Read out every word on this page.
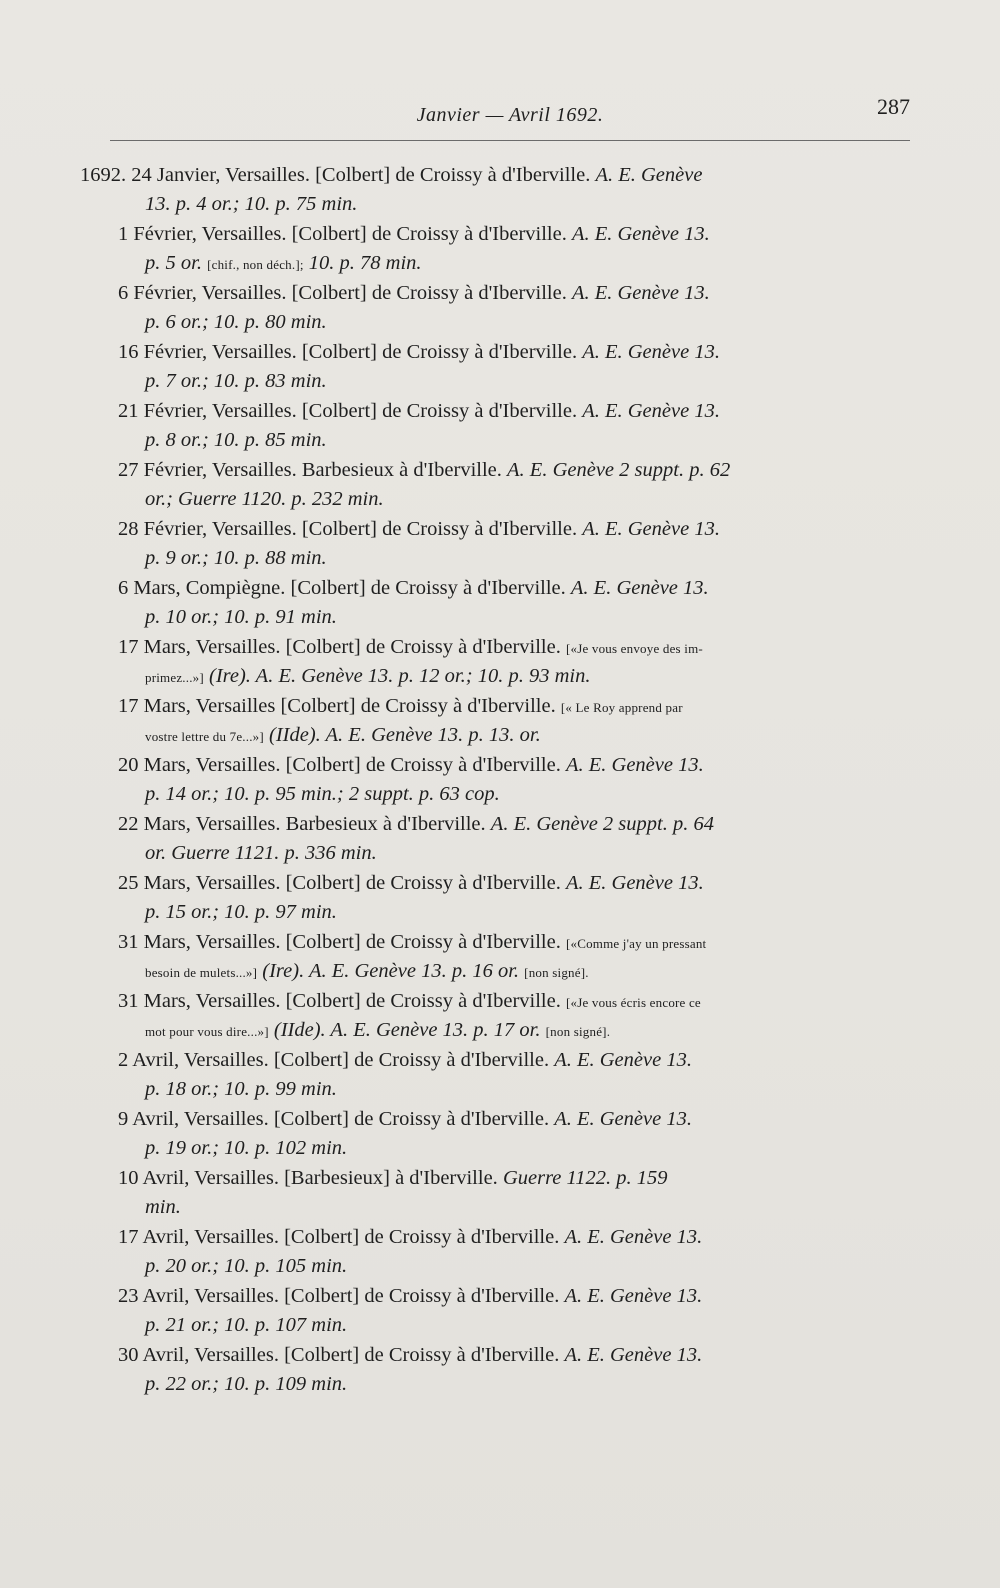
Janvier — Avril 1692.	287
1692. 24 Janvier, Versailles. [Colbert] de Croissy à d'Iberville. A. E. Genève
13. p. 4 or.; 10. p. 75 min.
1 Février, Versailles. [Colbert] de Croissy à d'Iberville. A. E. Genève 13.
p. 5 or. [chif., non déch.]; 10. p. 78 min.
6 Février, Versailles. [Colbert] de Croissy à d'Iberville. A. E. Genève 13.
p. 6 or.; 10. p. 80 min.
16 Février, Versailles. [Colbert] de Croissy à d'Iberville. A. E. Genève 13.
p. 7 or.; 10. p. 83 min.
21 Février, Versailles. [Colbert] de Croissy à d'Iberville. A. E. Genève 13.
p. 8 or.; 10. p. 85 min.
27 Février, Versailles. Barbesieux à d'Iberville. A. E. Genève 2 suppt. p. 62
or.; Guerre 1120. p. 232 min.
28 Février, Versailles. [Colbert] de Croissy à d'Iberville. A. E. Genève 13.
p. 9 or.; 10. p. 88 min.
6 Mars, Compiègne. [Colbert] de Croissy à d'Iberville. A. E. Genève 13.
p. 10 or.; 10. p. 91 min.
17 Mars, Versailles. [Colbert] de Croissy à d'Iberville. [«Je vous envoye des im-
primez...»] (Ire). A. E. Genève 13. p. 12 or.; 10. p. 93 min.
17 Mars, Versailles [Colbert] de Croissy à d'Iberville. [« Le Roy apprend par
vostre lettre du 7e...»] (IIde). A. E. Genève 13. p. 13. or.
20 Mars, Versailles. [Colbert] de Croissy à d'Iberville. A. E. Genève 13.
p. 14 or.; 10. p. 95 min.; 2 suppt. p. 63 cop.
22 Mars, Versailles. Barbesieux à d'Iberville. A. E. Genève 2 suppt. p. 64
or. Guerre 1121. p. 336 min.
25 Mars, Versailles. [Colbert] de Croissy à d'Iberville. A. E. Genève 13.
p. 15 or.; 10. p. 97 min.
31 Mars, Versailles. [Colbert] de Croissy à d'Iberville. [«Comme j'ay un pressant
besoin de mulets...»] (Ire). A. E. Genève 13. p. 16 or. [non signé].
31 Mars, Versailles. [Colbert] de Croissy à d'Iberville. [«Je vous écris encore ce
mot pour vous dire...»] (IIde). A. E. Genève 13. p. 17 or. [non signé].
2 Avril, Versailles. [Colbert] de Croissy à d'Iberville. A. E. Genève 13.
p. 18 or.; 10. p. 99 min.
9 Avril, Versailles. [Colbert] de Croissy à d'Iberville. A. E. Genève 13.
p. 19 or.; 10. p. 102 min.
10 Avril, Versailles. [Barbesieux] à d'Iberville. Guerre 1122. p. 159
min.
17 Avril, Versailles. [Colbert] de Croissy à d'Iberville. A. E. Genève 13.
p. 20 or.; 10. p. 105 min.
23 Avril, Versailles. [Colbert] de Croissy à d'Iberville. A. E. Genève 13.
p. 21 or.; 10. p. 107 min.
30 Avril, Versailles. [Colbert] de Croissy à d'Iberville. A. E. Genève 13.
p. 22 or.; 10. p. 109 min.
